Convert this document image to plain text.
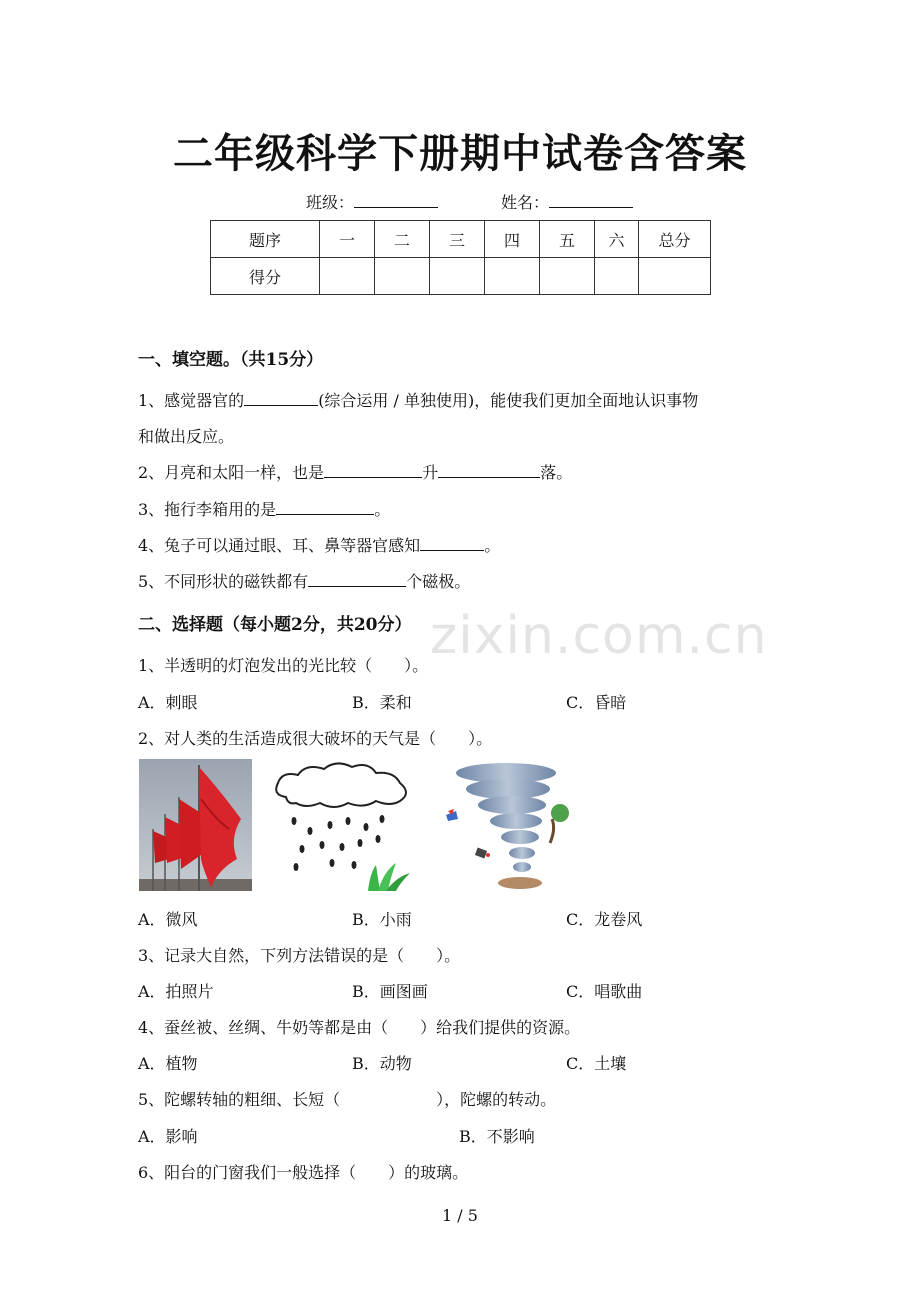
二年级科学下册期中试卷含答案
班级：	姓名：
题序	一	二	三	四	五	六	总分
得分							
一、填空题。（共15分）
1、感觉器官的	(综合运用 / 单独使用)，能使我们更加全面地认识事物
和做出反应。
2、月亮和太阳一样，也是	升	落。
3、拖行李箱用的是	。
4、兔子可以通过眼、耳、鼻等器官感知	。
5、不同形状的磁铁都有	个磁极。
zixin.com.cn
二、选择题（每小题2分，共20分）
1、半透明的灯泡发出的光比较（　　）。
A．刺眼	B．柔和	C．昏暗
2、对人类的生活造成很大破坏的天气是（　　）。
A．微风	B．小雨	C．龙卷风
3、记录大自然，下列方法错误的是（　　）。
A．拍照片	B．画图画	C．唱歌曲
4、蚕丝被、丝绸、牛奶等都是由（　　）给我们提供的资源。
A．植物	B．动物	C．土壤
5、陀螺转轴的粗细、长短（　　　　　　），陀螺的转动。
A．影响	B．不影响
6、阳台的门窗我们一般选择（　　）的玻璃。
1 / 5
